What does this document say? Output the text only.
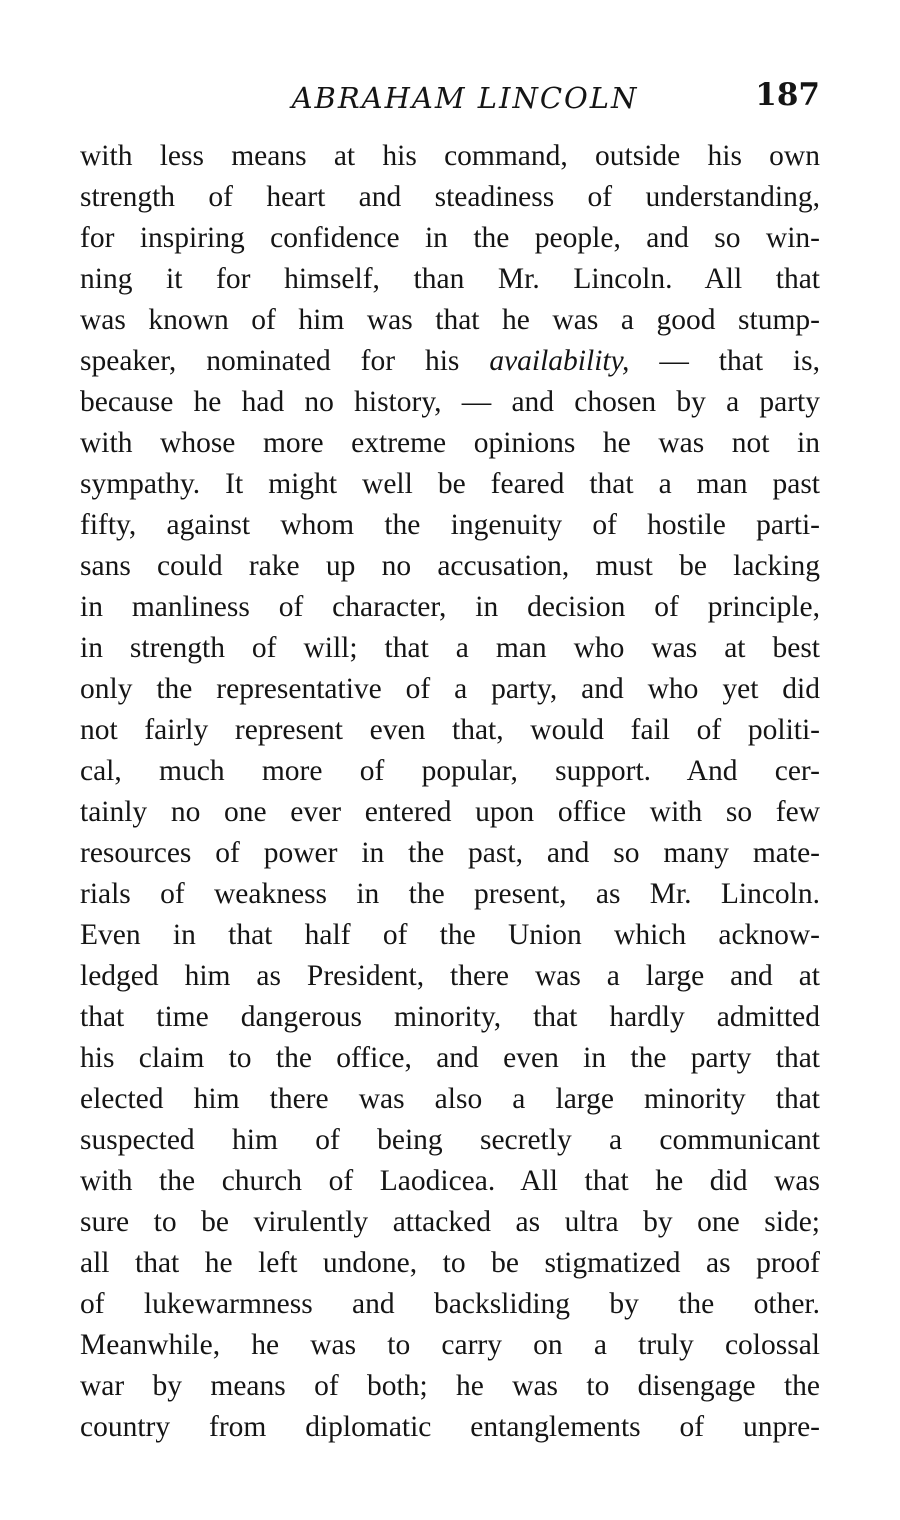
ABRAHAM LINCOLN	187
with less means at his command, outside his own
strength of heart and steadiness of understanding,
for inspiring confidence in the people, and so win-
ning it for himself, than Mr. Lincoln. All that
was known of him was that he was a good stump-
speaker, nominated for his availability, — that is,
because he had no history, — and chosen by a party
with whose more extreme opinions he was not in
sympathy. It might well be feared that a man past
fifty, against whom the ingenuity of hostile parti-
sans could rake up no accusation, must be lacking
in manliness of character, in decision of principle,
in strength of will; that a man who was at best
only the representative of a party, and who yet did
not fairly represent even that, would fail of politi-
cal, much more of popular, support. And cer-
tainly no one ever entered upon office with so few
resources of power in the past, and so many mate-
rials of weakness in the present, as Mr. Lincoln.
Even in that half of the Union which acknow-
ledged him as President, there was a large and at
that time dangerous minority, that hardly admitted
his claim to the office, and even in the party that
elected him there was also a large minority that
suspected him of being secretly a communicant
with the church of Laodicea. All that he did was
sure to be virulently attacked as ultra by one side;
all that he left undone, to be stigmatized as proof
of lukewarmness and backsliding by the other.
Meanwhile, he was to carry on a truly colossal
war by means of both; he was to disengage the
country from diplomatic entanglements of unpre-
